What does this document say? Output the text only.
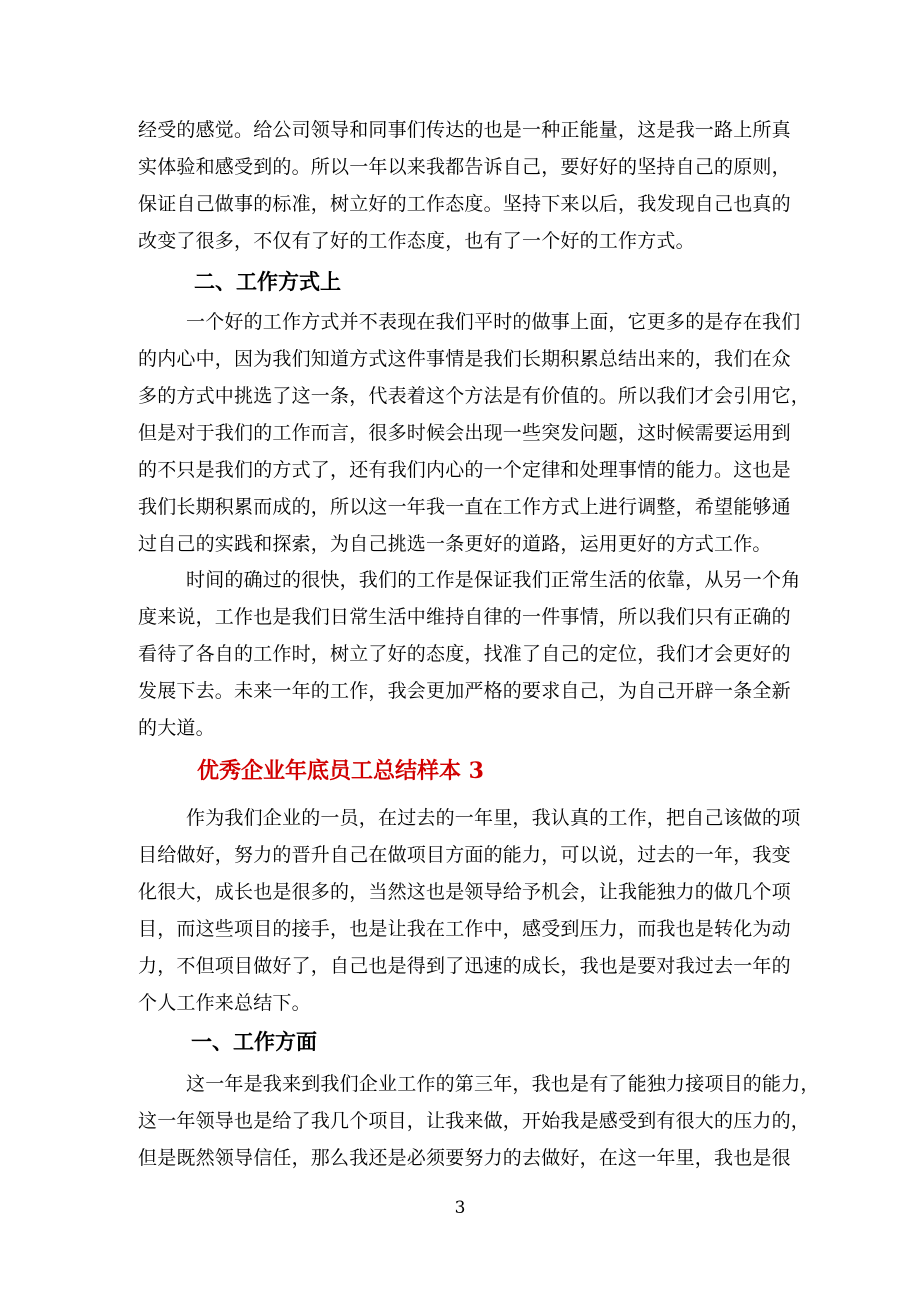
经受的感觉。给公司领导和同事们传达的也是一种正能量，这是我一路上所真
实体验和感受到的。所以一年以来我都告诉自己，要好好的坚持自己的原则，
保证自己做事的标准，树立好的工作态度。坚持下来以后，我发现自己也真的
改变了很多，不仅有了好的工作态度，也有了一个好的工作方式。
二、工作方式上
一个好的工作方式并不表现在我们平时的做事上面，它更多的是存在我们
的内心中，因为我们知道方式这件事情是我们长期积累总结出来的，我们在众
多的方式中挑选了这一条，代表着这个方法是有价值的。所以我们才会引用它，
但是对于我们的工作而言，很多时候会出现一些突发问题，这时候需要运用到
的不只是我们的方式了，还有我们内心的一个定律和处理事情的能力。这也是
我们长期积累而成的，所以这一年我一直在工作方式上进行调整，希望能够通
过自己的实践和探索，为自己挑选一条更好的道路，运用更好的方式工作。
时间的确过的很快，我们的工作是保证我们正常生活的依靠，从另一个角
度来说，工作也是我们日常生活中维持自律的一件事情，所以我们只有正确的
看待了各自的工作时，树立了好的态度，找准了自己的定位，我们才会更好的
发展下去。未来一年的工作，我会更加严格的要求自己，为自己开辟一条全新
的大道。
优秀企业年底员工总结样本 3
作为我们企业的一员，在过去的一年里，我认真的工作，把自己该做的项
目给做好，努力的晋升自己在做项目方面的能力，可以说，过去的一年，我变
化很大，成长也是很多的，当然这也是领导给予机会，让我能独力的做几个项
目，而这些项目的接手，也是让我在工作中，感受到压力，而我也是转化为动
力，不但项目做好了，自己也是得到了迅速的成长，我也是要对我过去一年的
个人工作来总结下。
一、工作方面
这一年是我来到我们企业工作的第三年，我也是有了能独力接项目的能力，
这一年领导也是给了我几个项目，让我来做，开始我是感受到有很大的压力的，
但是既然领导信任，那么我还是必须要努力的去做好，在这一年里，我也是很
3
